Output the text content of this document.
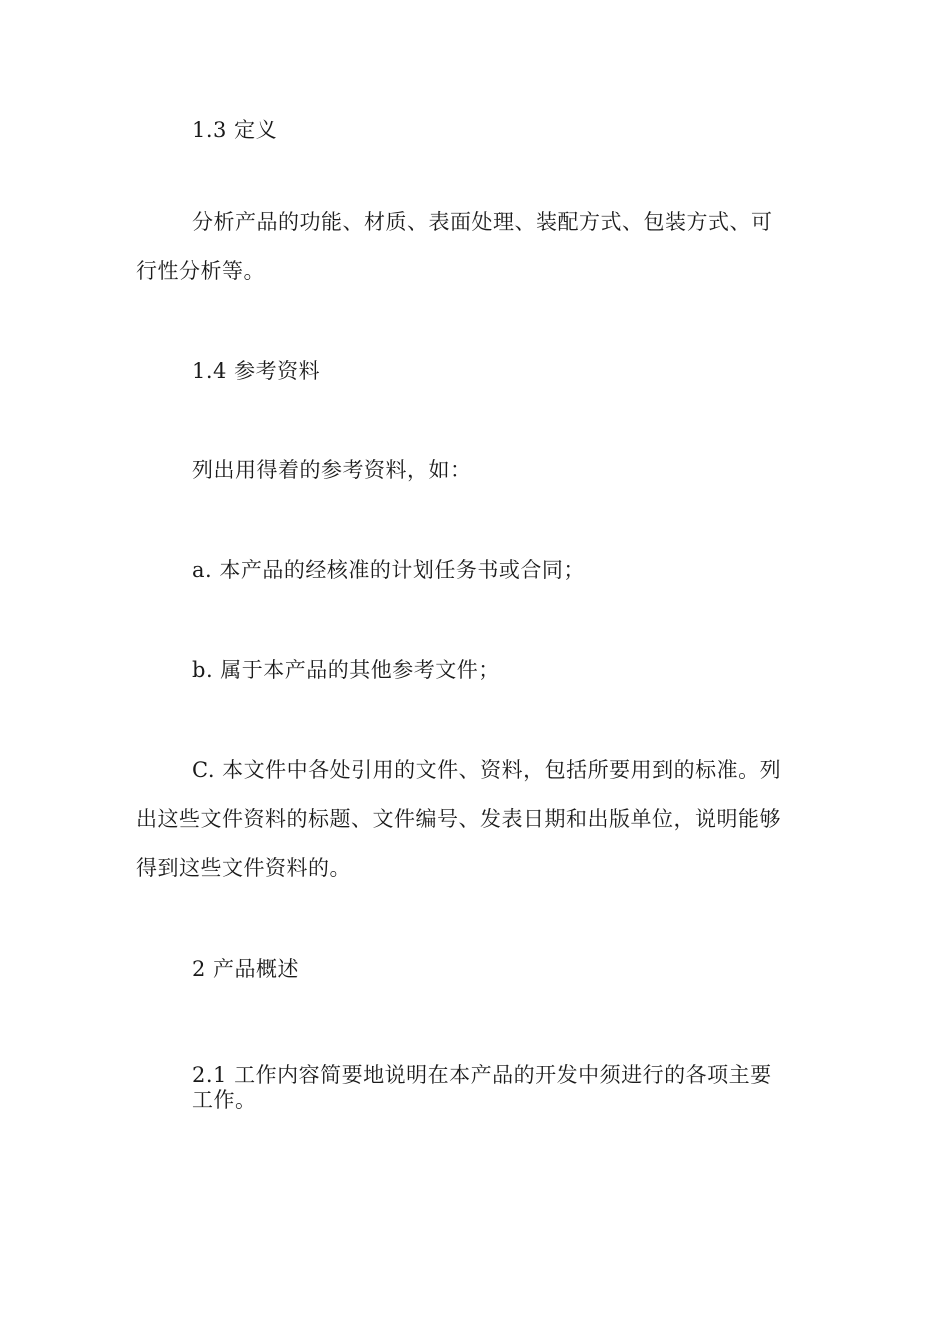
1.3 定义
分析产品的功能、材质、表面处理、装配方式、包装方式、可
行性分析等。
1.4 参考资料
列出用得着的参考资料，如：
a. 本产品的经核准的计划任务书或合同；
b. 属于本产品的其他参考文件；
C. 本文件中各处引用的文件、资料，包括所要用到的标准。列
出这些文件资料的标题、文件编号、发表日期和出版单位，说明能够
得到这些文件资料的。
2 产品概述
2.1 工作内容简要地说明在本产品的开发中须进行的各项主要
工作。
